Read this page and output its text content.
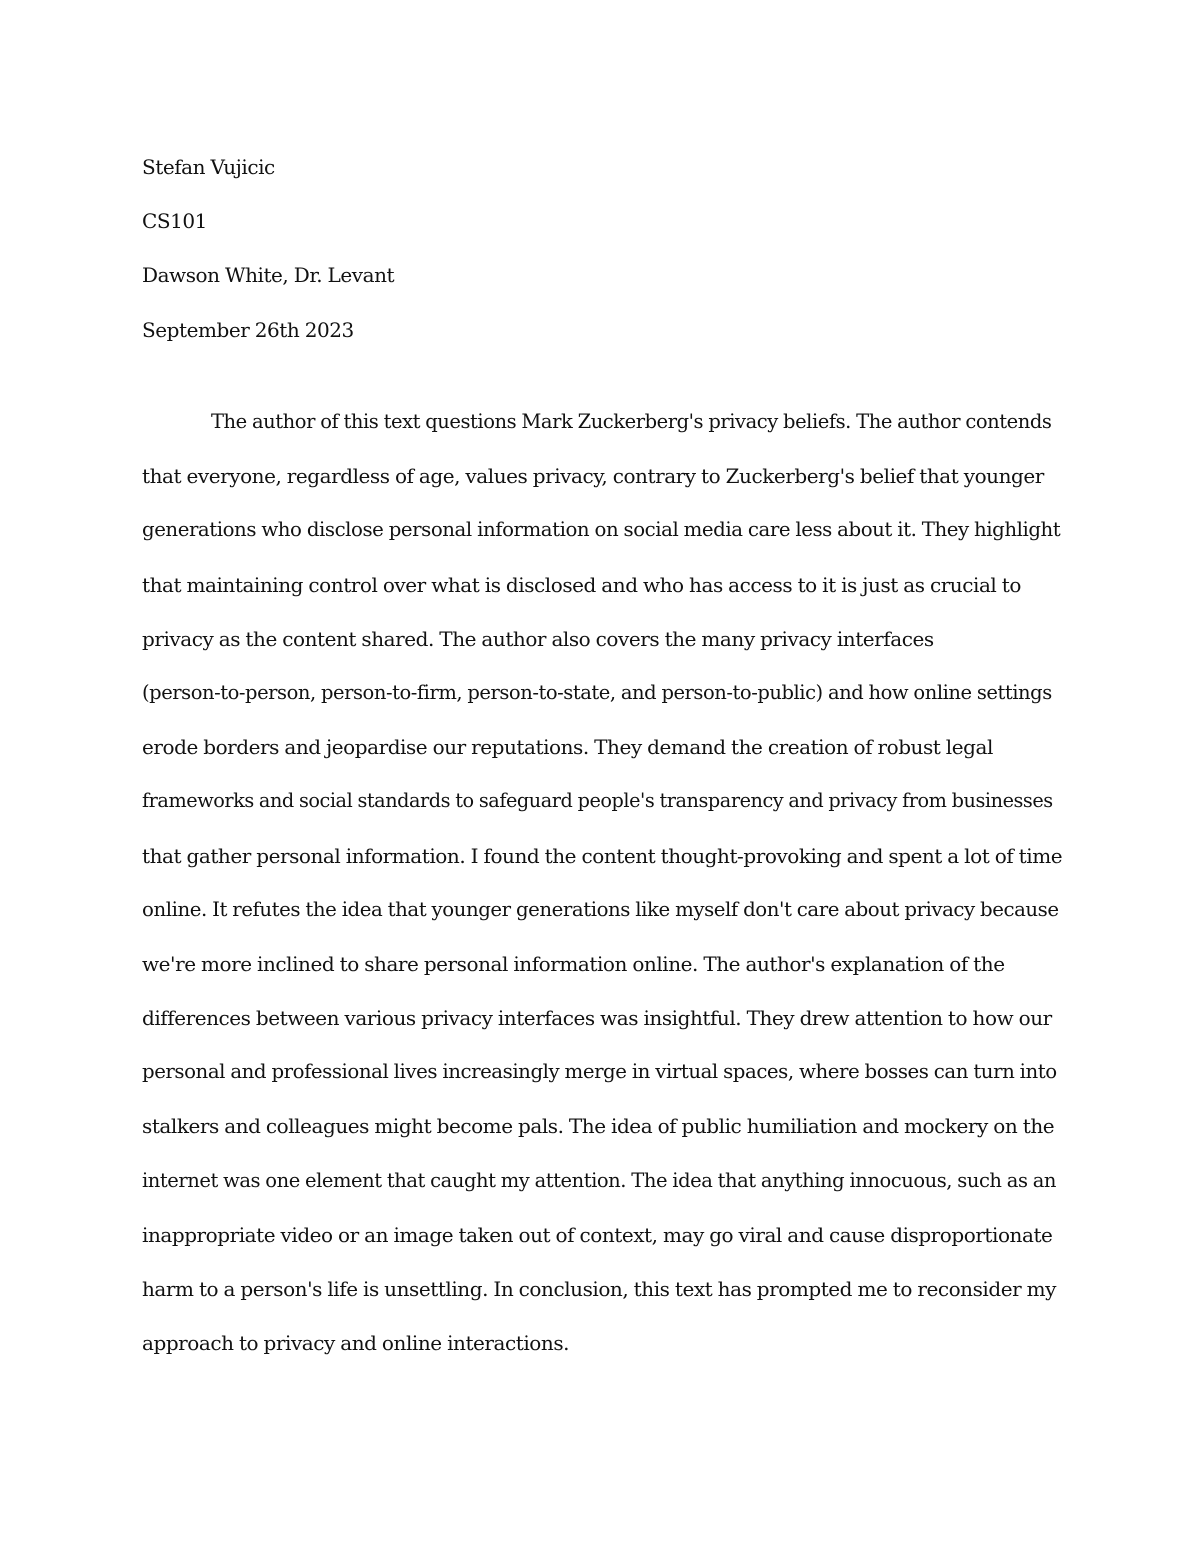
Stefan Vujicic
CS101
Dawson White, Dr. Levant
September 26th 2023
The author of this text questions Mark Zuckerberg's privacy beliefs. The author contends
that everyone, regardless of age, values privacy, contrary to Zuckerberg's belief that younger
generations who disclose personal information on social media care less about it. They highlight
that maintaining control over what is disclosed and who has access to it is just as crucial to
privacy as the content shared. The author also covers the many privacy interfaces
(person-to-person, person-to-firm, person-to-state, and person-to-public) and how online settings
erode borders and jeopardise our reputations. They demand the creation of robust legal
frameworks and social standards to safeguard people's transparency and privacy from businesses
that gather personal information. I found the content thought-provoking and spent a lot of time
online. It refutes the idea that younger generations like myself don't care about privacy because
we're more inclined to share personal information online. The author's explanation of the
differences between various privacy interfaces was insightful. They drew attention to how our
personal and professional lives increasingly merge in virtual spaces, where bosses can turn into
stalkers and colleagues might become pals. The idea of public humiliation and mockery on the
internet was one element that caught my attention. The idea that anything innocuous, such as an
inappropriate video or an image taken out of context, may go viral and cause disproportionate
harm to a person's life is unsettling. In conclusion, this text has prompted me to reconsider my
approach to privacy and online interactions.
